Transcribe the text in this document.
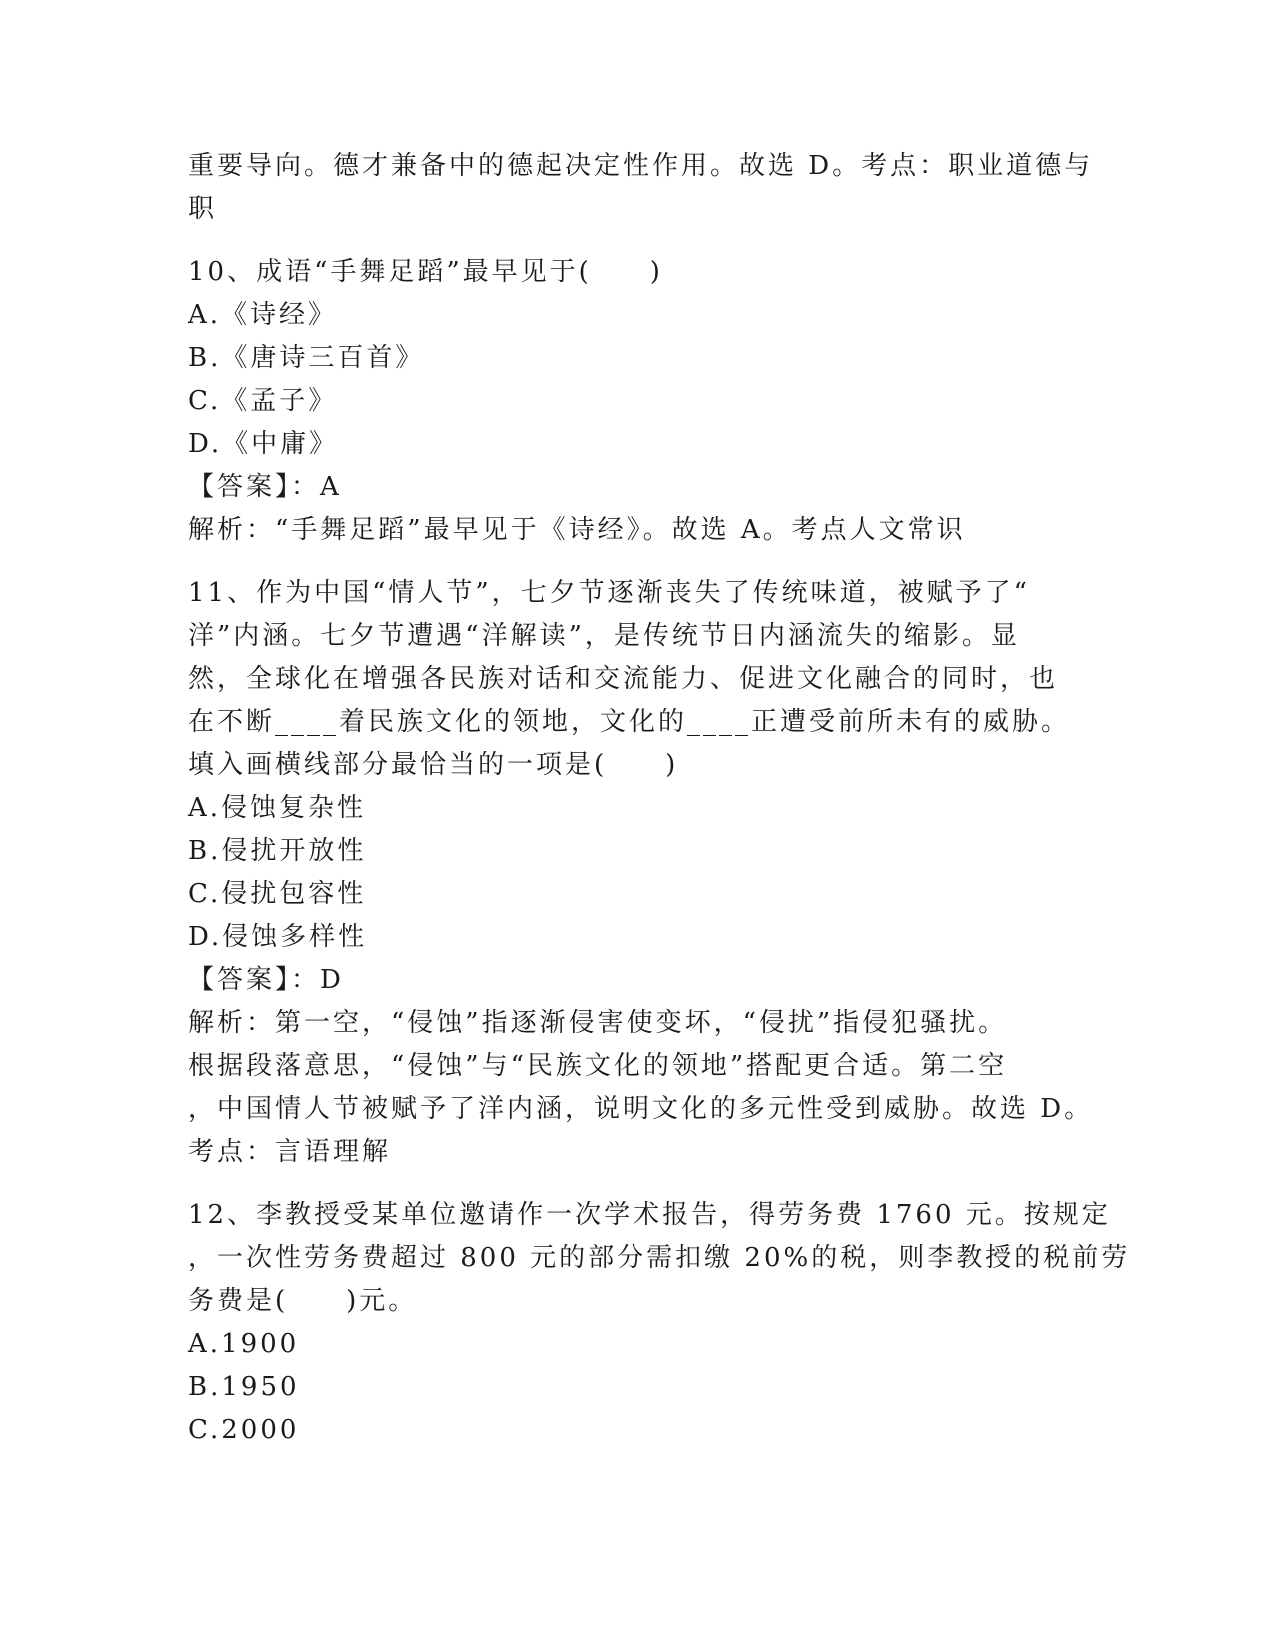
重要导向。德才兼备中的德起决定性作用。故选 D。考点：职业道德与
职
10、成语“手舞足蹈”最早见于(　　)
A.《诗经》
B.《唐诗三百首》
C.《孟子》
D.《中庸》
【答案】：A
解析：“手舞足蹈”最早见于《诗经》。故选 A。考点人文常识
11、作为中国“情人节”，七夕节逐渐丧失了传统味道，被赋予了“
洋”内涵。七夕节遭遇“洋解读”，是传统节日内涵流失的缩影。显
然，全球化在增强各民族对话和交流能力、促进文化融合的同时，也
在不断____着民族文化的领地，文化的____正遭受前所未有的威胁。
填入画横线部分最恰当的一项是(　　)
A.侵蚀复杂性
B.侵扰开放性
C.侵扰包容性
D.侵蚀多样性
【答案】：D
解析：第一空，“侵蚀”指逐渐侵害使变坏，“侵扰”指侵犯骚扰。
根据段落意思，“侵蚀”与“民族文化的领地”搭配更合适。第二空
，中国情人节被赋予了洋内涵，说明文化的多元性受到威胁。故选 D。
考点：言语理解
12、李教授受某单位邀请作一次学术报告，得劳务费 1760 元。按规定
，一次性劳务费超过 800 元的部分需扣缴 20%的税，则李教授的税前劳
务费是(　　)元。
A.1900
B.1950
C.2000
